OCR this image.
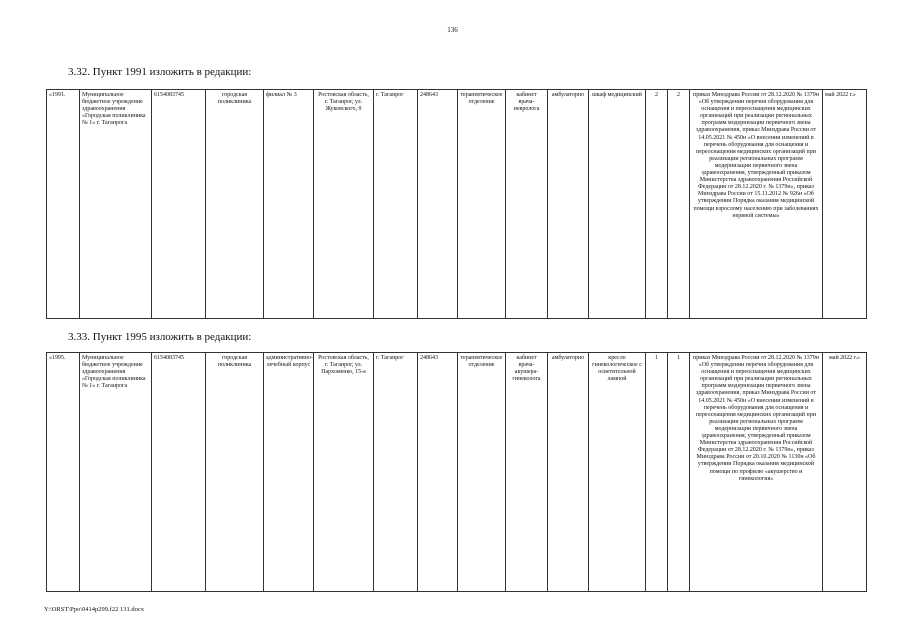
136
3.32. Пункт 1991 изложить в редакции:
«1991.	Муниципальное бюджетное учреждение здравоохранения «Городская поликлиника № 1» г. Таганрога	6154083745	городская поликлиника	филиал № 3	Ростовская область, г. Таганрог, ул. Жуковского, 9	г. Таганрог	248643	терапевтическое отделение	кабинет врача-невролога	амбулаторно	шкаф медицинский	2	2	приказ Минздрава России от 28.12.2020 № 1379н «Об утверждении перечня оборудования для оснащения и переоснащения медицинских организаций при реализации региональных программ модернизации первичного звена здравоохранения, приказ Минздрава России от 14.05.2021 № 450н «О внесении изменений в перечень оборудования для оснащения и переоснащения медицинских организаций при реализации региональных программ модернизации первичного звена здравоохранения, утвержденный приказом Министерства здравоохранения Российской Федерации от 28.12.2020 г. № 1379н», приказ Минздрава России от 15.11.2012 № 926н «Об утверждении Порядка оказания медицинской помощи взрослому населению при заболеваниях нервной системы»	май 2022 г.»
3.33. Пункт 1995 изложить в редакции:
«1995.	Муниципальное бюджетное учреждение здравоохранения «Городская поликлиника № 1» г. Таганрога	6154083745	городская поликлиника	административно-лечебный корпус	Ростовская область, г. Таганрог, ул. Пархоменко, 15-а	г. Таганрог	248643	терапевтическое отделение	кабинет врача-акушера-гинеколога	амбулаторно	кресло гинекологическое с осветительной лампой	1	1	приказ Минздрава России от 28.12.2020 № 1379н «Об утверждении перечня оборудования для оснащения и переоснащения медицинских организаций при реализации региональных программ модернизации первичного звена здравоохранения, приказ Минздрава России от 14.05.2021 № 450н «О внесении изменений в перечень оборудования для оснащения и переоснащения медицинских организаций при реализации региональных программ модернизации первичного звена здравоохранения, утвержденный приказом Министерства здравоохранения Российской Федерации от 28.12.2020 г. № 1379н», приказ Минздрава России от 20.10.2020 № 1130н «Об утверждении Порядка оказания медицинской помощи по профилю «акушерство и гинекология»	май 2022 г.»
Y:\ORST\Ppo\0414p299.f22 131.docx
